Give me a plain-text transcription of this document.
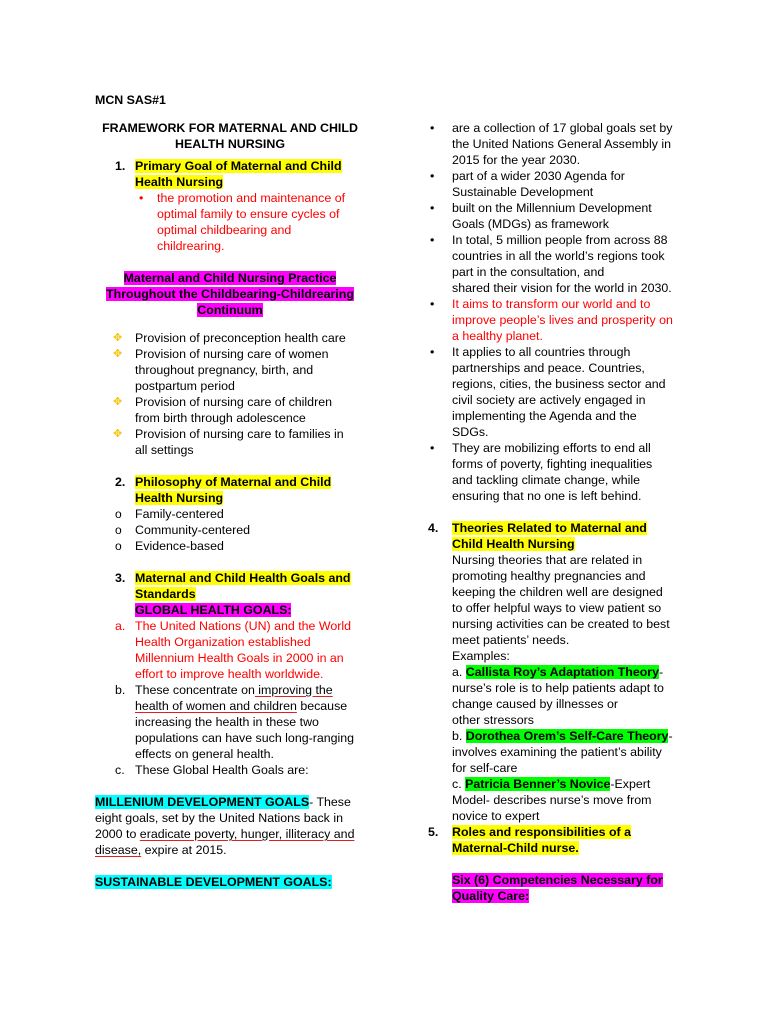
MCN SAS#1

FRAMEWORK FOR MATERNAL AND CHILD

HEALTH NURSING

1. Primary Goal of Maternal and Child
Health Nursing
• the promotion and maintenance of
optimal family to ensure cycles of
optimal childbearing and
childrearing.
Maternal and Child Nursing Practice
Throughout the Childbearing-Childrearing
Continuum
✥ Provision of preconception health care
✥ Provision of nursing care of women
throughout pregnancy, birth, and
postpartum period
✥ Provision of nursing care of children
from birth through adolescence
✥ Provision of nursing care to families in
all settings
2. Philosophy of Maternal and Child
Health Nursing
o Family-centered
o Community-centered
o Evidence-based
3. Maternal and Child Health Goals and
Standards
GLOBAL HEALTH GOALS:
a. The United Nations (UN) and the World
Health Organization established
Millennium Health Goals in 2000 in an
effort to improve health worldwide.
b. These concentrate on improving the
health of women and children because
increasing the health in these two
populations can have such long-ranging
effects on general health.
c. These Global Health Goals are:
MILLENIUM DEVELOPMENT GOALS- These
eight goals, set by the United Nations back in
2000 to eradicate poverty, hunger, illiteracy and
disease, expire at 2015.
SUSTAINABLE DEVELOPMENT GOALS:
• are a collection of 17 global goals set by
the United Nations General Assembly in
2015 for the year 2030.
• part of a wider 2030 Agenda for
Sustainable Development
• built on the Millennium Development
Goals (MDGs) as framework
• In total, 5 million people from across 88
countries in all the world’s regions took
part in the consultation, and
shared their vision for the world in 2030.
• It aims to transform our world and to
improve people’s lives and prosperity on
a healthy planet.
• It applies to all countries through
partnerships and peace. Countries,
regions, cities, the business sector and
civil society are actively engaged in
implementing the Agenda and the
SDGs.
• They are mobilizing efforts to end all
forms of poverty, fighting inequalities
and tackling climate change, while
ensuring that no one is left behind.
4. Theories Related to Maternal and
Child Health Nursing
Nursing theories that are related in
promoting healthy pregnancies and
keeping the children well are designed
to offer helpful ways to view patient so
nursing activities can be created to best
meet patients’ needs.
Examples:
a. Callista Roy’s Adaptation Theory-
nurse’s role is to help patients adapt to
change caused by illnesses or
other stressors
b. Dorothea Orem’s Self-Care Theory-
involves examining the patient’s ability
for self-care
c. Patricia Benner’s Novice-Expert
Model- describes nurse’s move from
novice to expert
5. Roles and responsibilities of a
Maternal-Child nurse.
Six (6) Competencies Necessary for
Quality Care:
